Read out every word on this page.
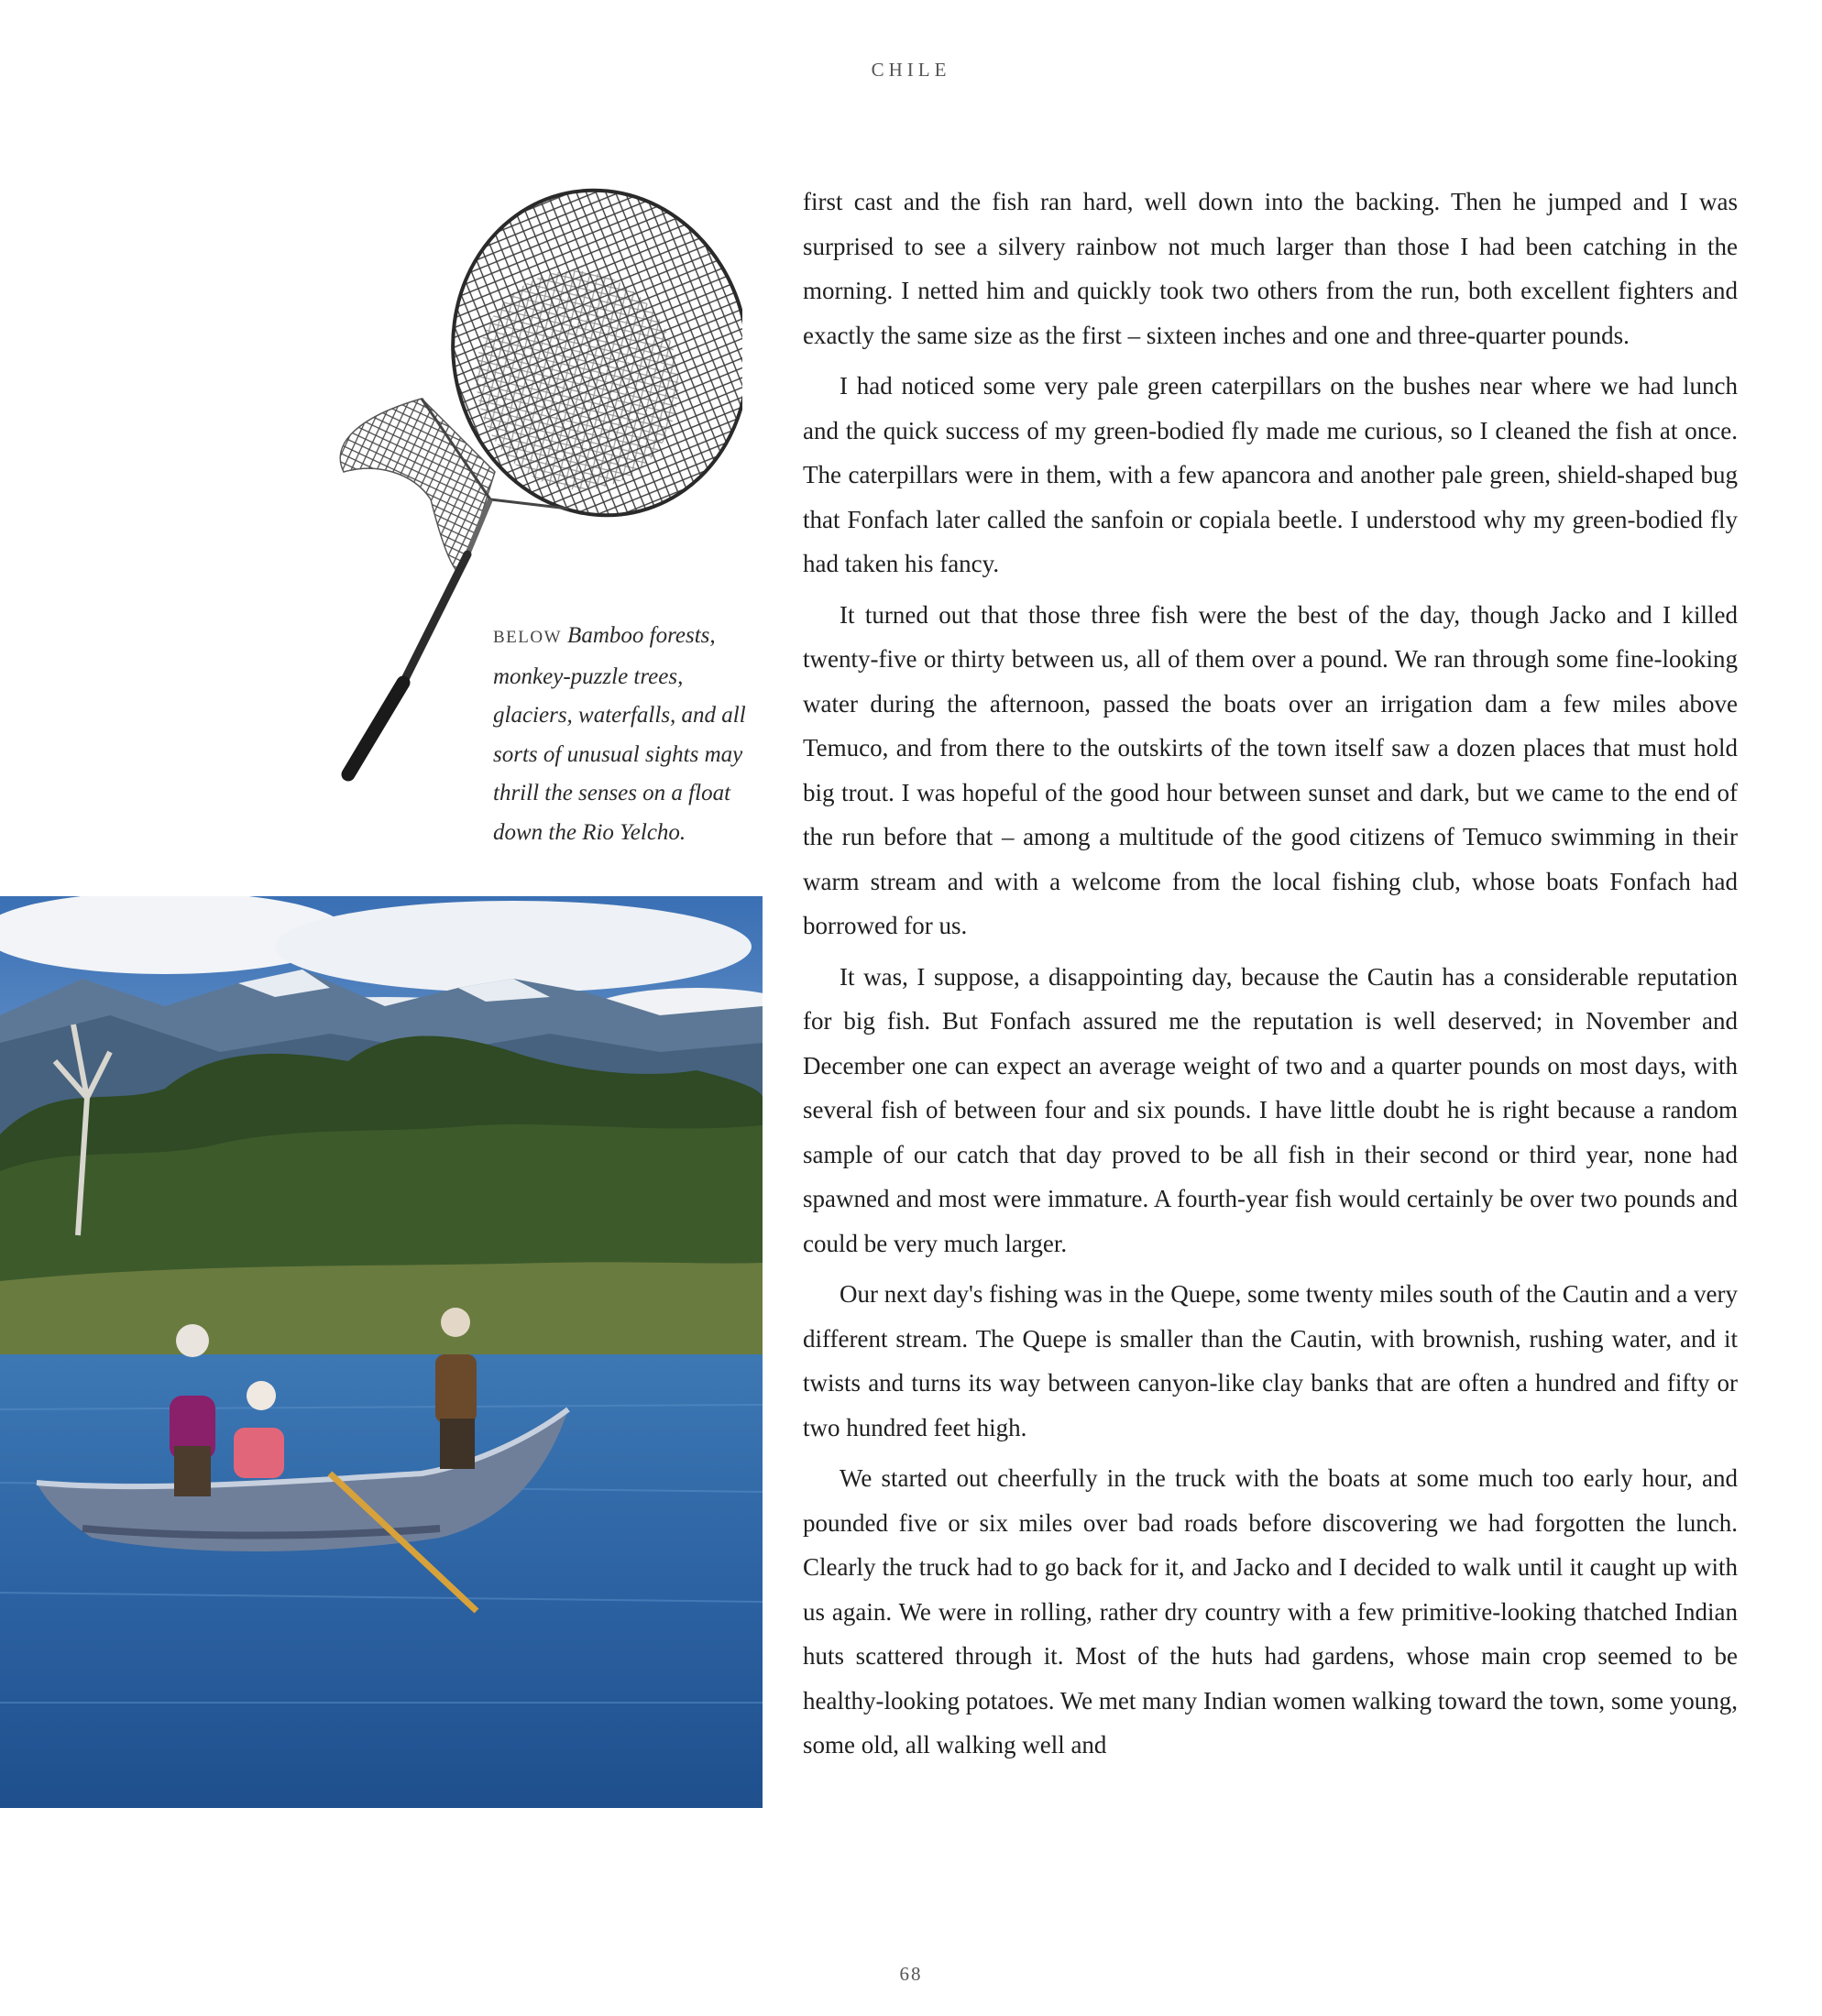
CHILE
BELOW Bamboo forests, monkey-puzzle trees, glaciers, waterfalls, and all sorts of unusual sights may thrill the senses on a float down the Rio Yelcho.

first cast and the fish ran hard, well down into the backing. Then he jumped and I was surprised to see a silvery rainbow not much larger than those I had been catching in the morning. I netted him and quickly took two others from the run, both excellent fighters and exactly the same size as the first – sixteen inches and one and three-quarter pounds.

I had noticed some very pale green caterpillars on the bushes near where we had lunch and the quick success of my green-bodied fly made me curious, so I cleaned the fish at once. The caterpillars were in them, with a few apancora and another pale green, shield-shaped bug that Fonfach later called the sanfoin or copiala beetle. I understood why my green-bodied fly had taken his fancy.

It turned out that those three fish were the best of the day, though Jacko and I killed twenty-five or thirty between us, all of them over a pound. We ran through some fine-looking water during the afternoon, passed the boats over an irrigation dam a few miles above Temuco, and from there to the outskirts of the town itself saw a dozen places that must hold big trout. I was hopeful of the good hour between sunset and dark, but we came to the end of the run before that – among a multitude of the good citizens of Temuco swimming in their warm stream and with a welcome from the local fishing club, whose boats Fonfach had borrowed for us.

It was, I suppose, a disappointing day, because the Cautin has a considerable reputation for big fish. But Fonfach assured me the reputation is well deserved; in November and December one can expect an average weight of two and a quarter pounds on most days, with several fish of between four and six pounds. I have little doubt he is right because a random sample of our catch that day proved to be all fish in their second or third year, none had spawned and most were immature. A fourth-year fish would certainly be over two pounds and could be very much larger.

Our next day's fishing was in the Quepe, some twenty miles south of the Cautin and a very different stream. The Quepe is smaller than the Cautin, with brownish, rushing water, and it twists and turns its way between canyon-like clay banks that are often a hundred and fifty or two hundred feet high.

We started out cheerfully in the truck with the boats at some much too early hour, and pounded five or six miles over bad roads before discovering we had forgotten the lunch. Clearly the truck had to go back for it, and Jacko and I decided to walk until it caught up with us again. We were in rolling, rather dry country with a few primitive-looking thatched Indian huts scattered through it. Most of the huts had gardens, whose main crop seemed to be healthy-looking potatoes. We met many Indian women walking toward the town, some young, some old, all walking well and

68
